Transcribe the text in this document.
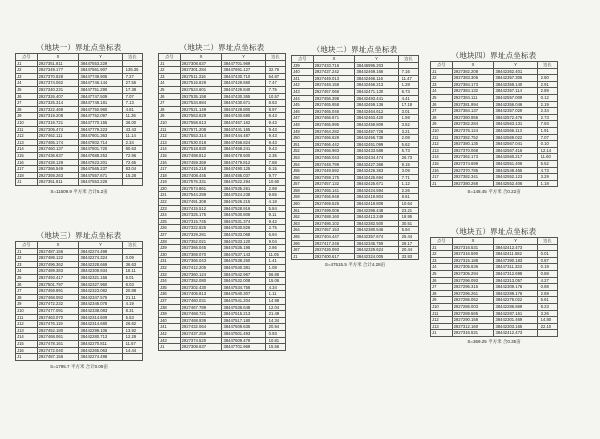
（地块一）界址点坐标表
点号	X	Y	边长
J1	2927351.811	38447553.229	
J2	2927349.177	38447561.907	135.35
J3	2927370.828	38447749.905	7.27
J4	2927374.062	38447746.144	27.55
J5	2927340.231	38447751.290	17.38
J6	2927326.407	38447747.509	7.07
J7	2927325.314	38447748.181	7.13
J8	2927322.469	38447750.960	4.81
J9	2927319.208	38447752.097	11.36
J10	2927319.721	38447770.155	36.00
J11	2927305.474	38447779.223	43.43
J12	2927462.111	38447801.363	11.14
J13	2927465.174	38447802.714	2.34
J14	2927460.137	38447801.720	80.63
J15	2927436.637	38447688.253	72.96
J16	2927428.129	38447623.201	72.65
J17	2927366.549	38447565.237	83.04
J18	2927359.263	38447557.671	15.28
J1	2927351.811	38447553.229	
S=11509.9 平方米 合计5.2亩
（地块二）界址点坐标表
点号	X	Y	边长
J1	2927308.637	38447701.969	
J2	2927301.284	38447691.127	32.76
J3	2927511.316	38447430.710	54.87
J4	2927516.829	38447429.860	7.47
J5	2927524.601	38447429.840	7.75
J6	2927535.158	38447430.365	10.57
J7	2927534.884	38447430.671	8.63
J8	2927521.149	38447429.800	8.97
J9	2927563.829	38447430.690	9.43
J10	2927558.613	38447467.162	9.43
J11	2927571.208	38447441.165	9.43
J12	2927553.314	38447444.487	9.43
J13	2927530.018	38447456.824	9.43
J14	2927518.830	38447468.241	9.43
J15	2927498.812	38447478.500	2.35
J16	2927459.359	38447479.812	7.68
J17	2927415.218	38447490.125	6.15
J18	2927408.445	38447485.037	9.77
J19	2927576.331	38447522.294	10.60
J20	2927574.861	38447535.261	2.98
J21	2927544.289	38447524.238	9.65
J22	2927491.308	38447526.215	4.18
J23	2927415.512	38447528.916	5.84
J24	2927325.175	38447530.806	9.11
J25	2927315.745	38447531.374	9.42
J26	2927322.825	38447530.826	2.75
J27	2927329.281	38447533.068	6.94
J28	2927352.021	38447533.120	9.04
J29	2927366.045	38447535.195	2.86
J30	2927369.070	38447537.143	11.05
J31	2927366.043	38447538.260	1.41
J32	2927412.205	38447540.381	1.08
J33	2927360.124	38447542.967	56.86
J34	2927352.080	38447532.008	15.06
J35	2927302.430	38447534.756	4.34
J36	2927406.813	38447540.307	1.11
J37	2927460.031	38447541.204	14.98
J38	2927467.789	38447536.648	12.04
J39	2927468.721	38447515.213	21.49
J40	2927468.939	38447517.180	14.34
J41	2927432.064	38447509.635	20.94
J42	2927437.259	38447501.493	0.93
J43	2927374.520	38447509.479	10.81
J1	2927308.637	38447701.969	15.56
（地块三）界址点坐标表
点号	X	Y	边长
J1	2927487.156	38442274.498	
J2	2927489.122	38442274.324	0.09
J3	2927496.362	38442328.669	36.63
J4	2927489.383	38442309.934	18.11
J5	2927493.417	38442321.156	6.01
J6	2927501.797	38442327.960	8.03
J7	2927459.891	38442323.082	20.88
J8	2927468.082	38442347.575	21.11
J9	2927472.232	38442346.078	4.19
J10	2927477.091	38442338.083	8.31
J11	2927463.070	38442314.609	5.53
J12	2927476.119	38442314.680	26.62
J13	2927452.180	38442299.106	13.92
J14	2927468.061	38442280.713	12.28
J15	2927478.161	38442270.811	11.57
J16	2927472.040	38442265.063	14.44
J1	2927487.156	38442274.498	
S=1795.7 平方米 合计0.09亩
（地块二）界址点坐标表
点号	X	Y	边长
J39	2927433.716	38446995.203	
J40	2927437.242	38442469.166	7.16
J41	2927449.013	38442466.116	11.47
J42	2927448.158	38442466.213	1.28
J43	2927457.066	38442471.130	6.73
J44	2927456.398	38442483.441	4.41
J45	2927465.958	38442459.136	17.18
J46	2927465.046	38442464.612	3.01
J47	2927466.671	38442463.420	1.59
J48	2927465.995	38442459.809	3.52
J49	2927464.282	38442457.728	3.21
J50	2927466.629	38442456.738	2.08
J51	2927466.442	38442451.099	5.62
J52	2927466.983	38442433.588	5.73
J53	2927466.043	38442434.474	26.73
J54	2927448.799	38442427.368	9.15
J55	2927449.592	38442426.363	3.09
J56	2927459.175	38442426.694	7.71
J57	2927457.132	38442425.671	1.12
J58	2927455.141	38442424.594	2.26
J59	2927456.948	38442419.804	8.61
J60	2927469.525	38442419.808	10.64
J61	2927499.006	38442396.448	23.21
J62	2927488.160	38442413.249	18.95
J63	2927486.102	38442382.500	30.51
J64	2927457.153	38442380.546	5.94
J65	2927404.447	38442357.674	25.44
J66	2927417.246	38442345.759	28.17
J67	2927426.093	38442329.624	20.44
J1	2927400.617	38442324.005	33.93
S=47515.5 平方米 合计4.28亩
（地块四）界址点坐标表
点号	X	Y	边长
J1	2927382.208	38442362.401	
J2	2927383.306	38442357.306	2.80
J3	2927384.173	38442359.140	2.91
J4	2927384.132	38442357.114	2.89
J5	2927384.111	38442557.009	0.12
J6	2927381.994	38442356.046	2.19
J7	2927384.137	38442357.029	2.34
J8	2927380.956	38442572.476	2.73
J9	2927382.284	38442563.131	7.93
J10	2927376.124	38442566.113	1.91
J11	2927382.752	38442569.022	7.07
J12	2927380.135	38442567.041	0.10
J13	2927370.068	38442567.416	12.14
J14	2927362.173	38442560.217	11.60
J15	2927374.699	38442551.406	5.52
J16	2927370.785	38442548.455	4.73
J17	2927382.341	38442552.123	3.29
J1	2927380.268	38442552.406	1.18
S=148.45 平方米 合0.22亩
（地块五）界址点坐标表
点号	X	Y	边长
J1	2927316.531	38442412.473	
J2	2927316.590	38442411.582	0.01
J3	2927315.188	38447390.183	0.87
J4	2927305.636	38447311.333	0.19
J5	2927305.294	38447312.698	0.88
J6	2927296.093	38442313.057	4.27
J7	2927296.315	38442309.176	0.88
J8	2927296.261	38442289.176	2.69
J9	2927286.052	38442276.022	5.61
J10	2927286.003	38442286.869	8.23
J11	2927289.565	38442287.161	3.26
J12	2927290.158	38442301.469	14.80
J13	2927312.160	38442303.165	22.10
J1	2927316.531	38442412.473	
S=369.25 平方米 合0.35亩
